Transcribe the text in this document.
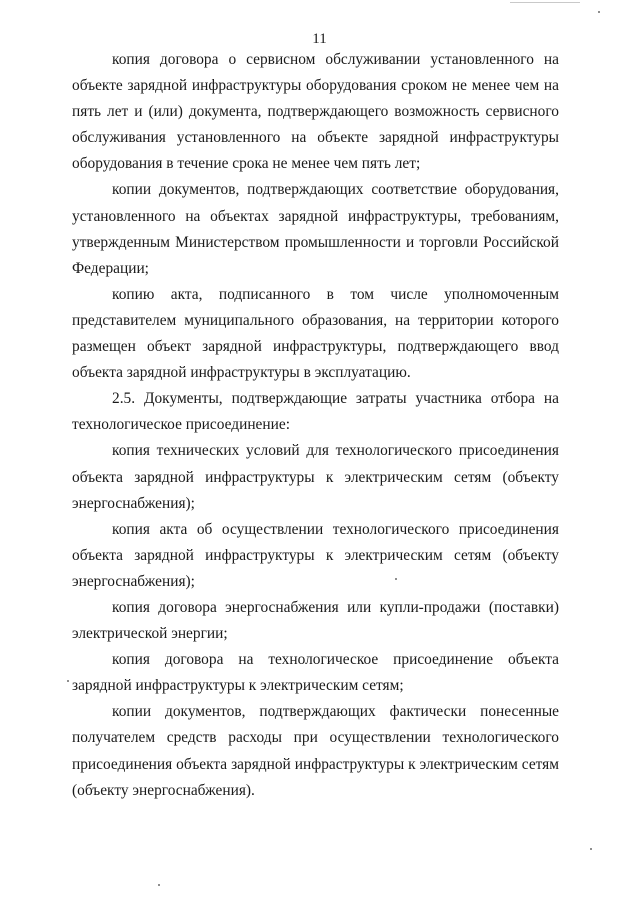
11

копия договора о сервисном обслуживании установленного на объекте зарядной инфраструктуры оборудования сроком не менее чем на пять лет и (или) документа, подтверждающего возможность сервисного обслуживания установленного на объекте зарядной инфраструктуры оборудования в течение срока не менее чем пять лет;

копии документов, подтверждающих соответствие оборудования, установленного на объектах зарядной инфраструктуры, требованиям, утвержденным Министерством промышленности и торговли Российской Федерации;

копию акта, подписанного в том числе уполномоченным представителем муниципального образования, на территории которого размещен объект зарядной инфраструктуры, подтверждающего ввод объекта зарядной инфраструктуры в эксплуатацию.

2.5. Документы, подтверждающие затраты участника отбора на технологическое присоединение:

копия технических условий для технологического присоединения объекта зарядной инфраструктуры к электрическим сетям (объекту энергоснабжения);

копия акта об осуществлении технологического присоединения объекта зарядной инфраструктуры к электрическим сетям (объекту энергоснабжения);

копия договора энергоснабжения или купли-продажи (поставки) электрической энергии;

копия договора на технологическое присоединение объекта зарядной инфраструктуры к электрическим сетям;

копии документов, подтверждающих фактически понесенные получателем средств расходы при осуществлении технологического присоединения объекта зарядной инфраструктуры к электрическим сетям (объекту энергоснабжения).
